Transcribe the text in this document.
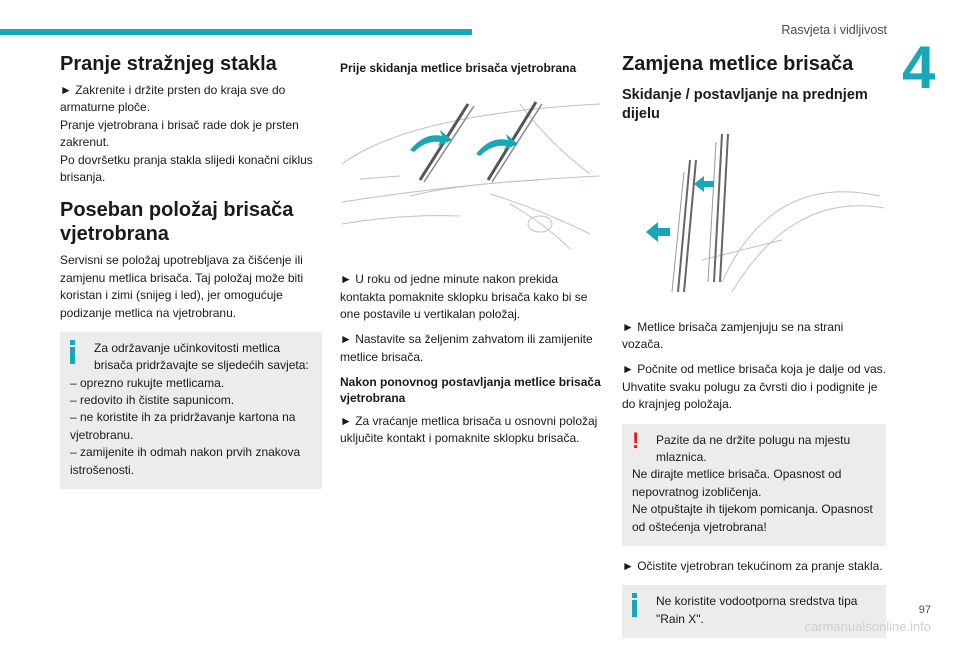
Rasvjeta i vidljivost
4
Pranje stražnjeg stakla

► Zakrenite i držite prsten do kraja sve do armaturne ploče.
Pranje vjetrobrana i brisač rade dok je prsten zakrenut.
Po dovršetku pranja stakla slijedi konačni ciklus brisanja.

Poseban položaj brisača
vjetrobrana

Servisni se položaj upotrebljava za čišćenje ili zamjenu metlica brisača. Taj položaj može biti koristan i zimi (snijeg i led), jer omogućuje podizanje metlica na vjetrobranu.

Za održavanje učinkovitosti metlica brisača pridržavajte se sljedećih savjeta:

– oprezno rukujte metlicama.

– redovito ih čistite sapunicom.

– ne koristite ih za pridržavanje kartona na vjetrobranu.

– zamijenite ih odmah nakon prvih znakova istrošenosti.

Prije skidanja metlice brisača vjetrobrana

► U roku od jedne minute nakon prekida kontakta pomaknite sklopku brisača kako bi se one postavile u vertikalan položaj.

► Nastavite sa željenim zahvatom ili zamijenite metlice brisača.

Nakon ponovnog postavljanja metlice brisača vjetrobrana

► Za vraćanje metlica brisača u osnovni položaj uključite kontakt i pomaknite sklopku brisača.

Zamjena metlice brisača
Skidanje / postavljanje na prednjem dijelu

► Metlice brisača zamjenjuju se na strani vozača.

► Počnite od metlice brisača koja je dalje od vas. Uhvatite svaku polugu za čvrsti dio i podignite je do krajnjeg položaja.

!	Pazite da ne držite polugu na mjestu mlaznica.

Ne dirajte metlice brisača. Opasnost od nepovratnog izobličenja.

Ne otpuštajte ih tijekom pomicanja. Opasnost od oštećenja vjetrobrana!

► Očistite vjetrobran tekućinom za pranje stakla.

Ne koristite vodootporna sredstva tipa "Rain X".

carmanualsonline.info
97
